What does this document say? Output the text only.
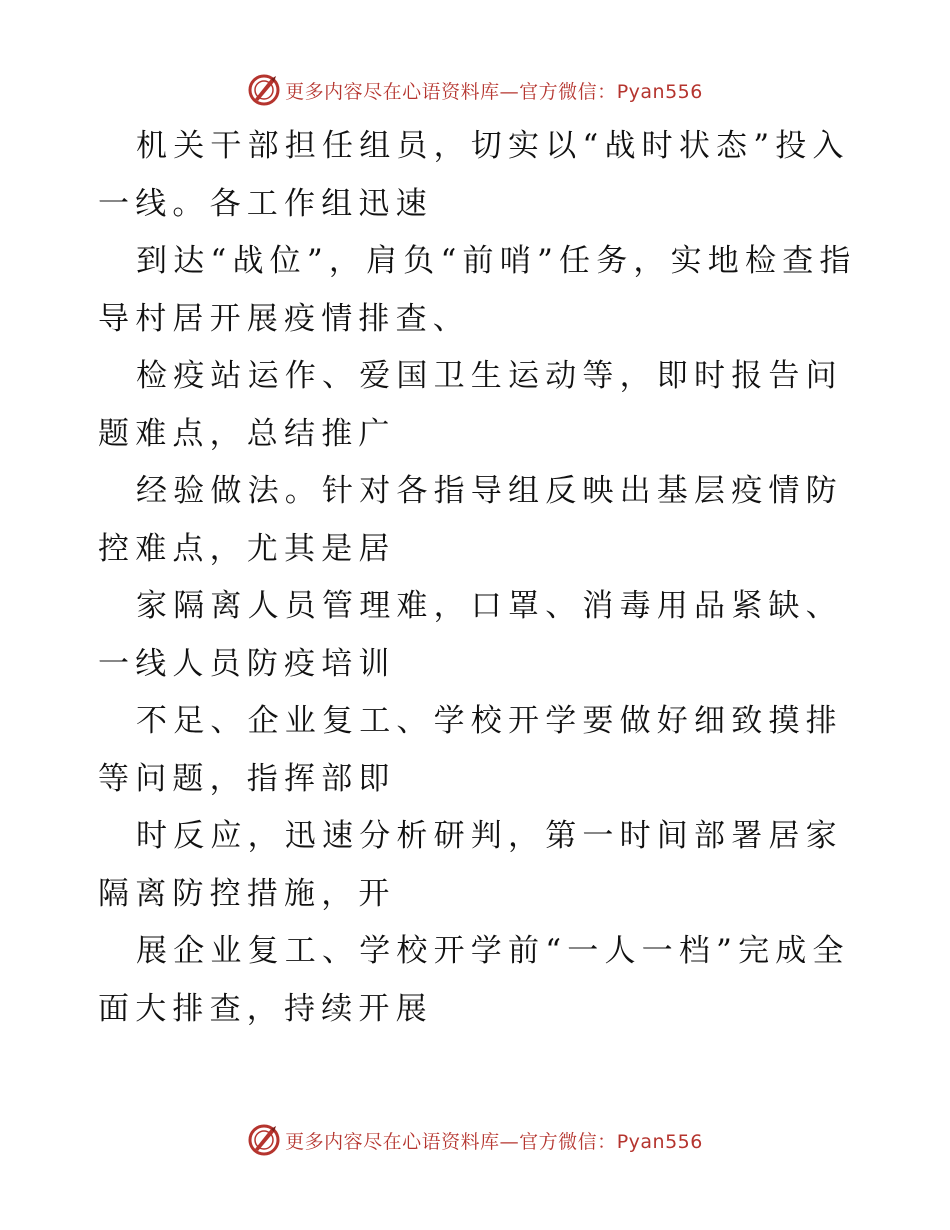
更多内容尽在心语资料库—官方微信：Pyan556

机关干部担任组员，切实以“战时状态”投入一线。各工作组迅速

到达“战位”，肩负“前哨”任务，实地检查指导村居开展疫情排查、

检疫站运作、爱国卫生运动等，即时报告问题难点，总结推广

经验做法。针对各指导组反映出基层疫情防控难点，尤其是居

家隔离人员管理难，口罩、消毒用品紧缺、一线人员防疫培训

不足、企业复工、学校开学要做好细致摸排等问题，指挥部即

时反应，迅速分析研判，第一时间部署居家隔离防控措施，开

展企业复工、学校开学前“一人一档”完成全面大排查，持续开展

更多内容尽在心语资料库—官方微信：Pyan556
